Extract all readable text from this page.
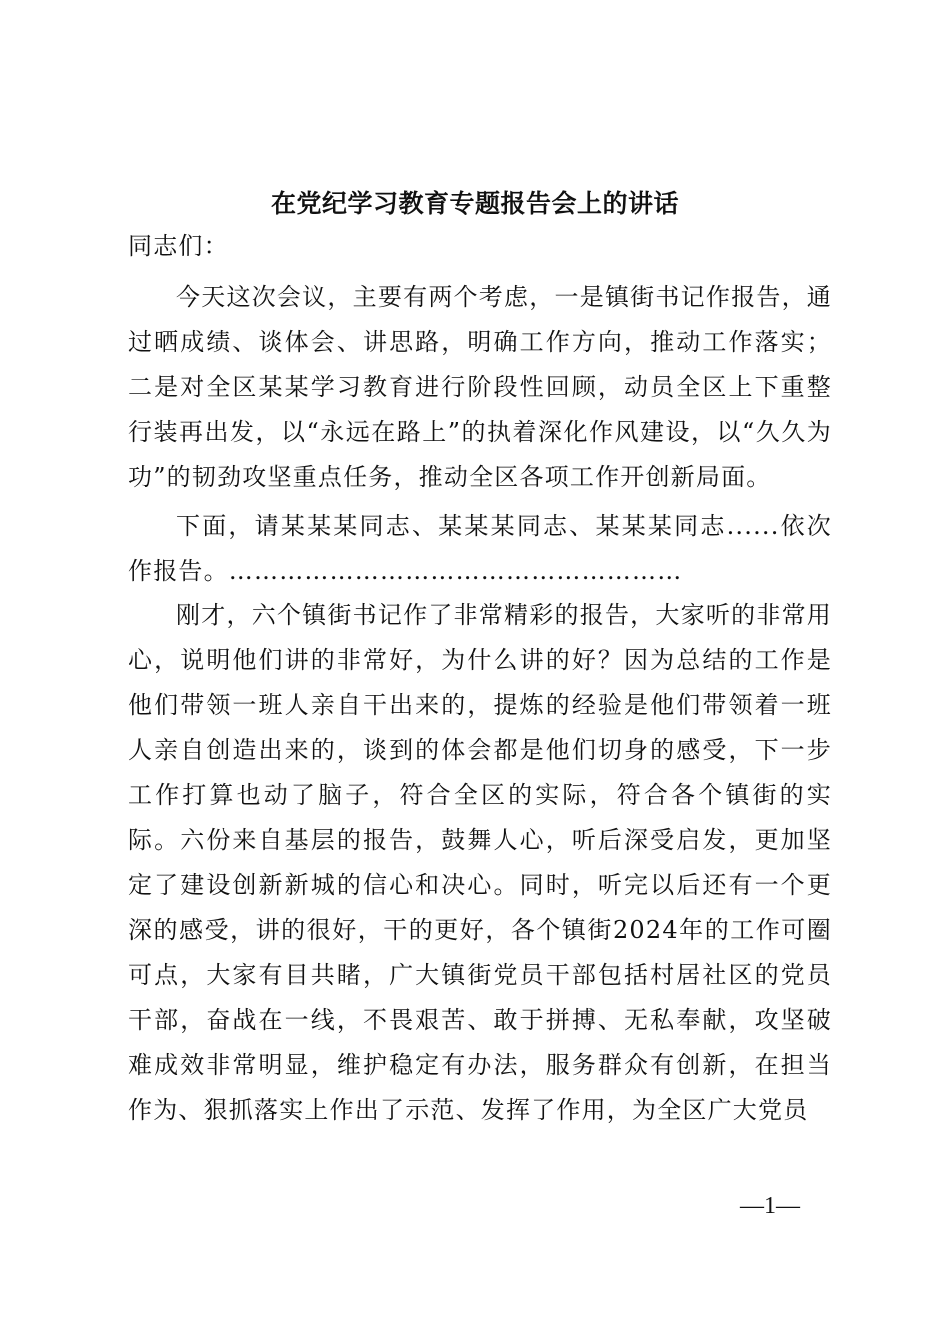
在党纪学习教育专题报告会上的讲话
同志们：
今天这次会议，主要有两个考虑，一是镇街书记作报告，通过晒成绩、谈体会、讲思路，明确工作方向，推动工作落实；二是对全区某某学习教育进行阶段性回顾，动员全区上下重整行装再出发，以“永远在路上”的执着深化作风建设，以“久久为功”的韧劲攻坚重点任务，推动全区各项工作开创新局面。
下面，请某某某同志、某某某同志、某某某同志......依次作报告。………………………………………………
刚才，六个镇街书记作了非常精彩的报告，大家听的非常用心，说明他们讲的非常好，为什么讲的好？因为总结的工作是他们带领一班人亲自干出来的，提炼的经验是他们带领着一班人亲自创造出来的，谈到的体会都是他们切身的感受，下一步工作打算也动了脑子，符合全区的实际，符合各个镇街的实际。六份来自基层的报告，鼓舞人心，听后深受启发，更加坚定了建设创新新城的信心和决心。同时，听完以后还有一个更深的感受，讲的很好，干的更好，各个镇街2024年的工作可圈可点，大家有目共睹，广大镇街党员干部包括村居社区的党员干部，奋战在一线，不畏艰苦、敢于拼搏、无私奉献，攻坚破难成效非常明显，维护稳定有办法，服务群众有创新，在担当作为、狠抓落实上作出了示范、发挥了作用，为全区广大党员
—1—
